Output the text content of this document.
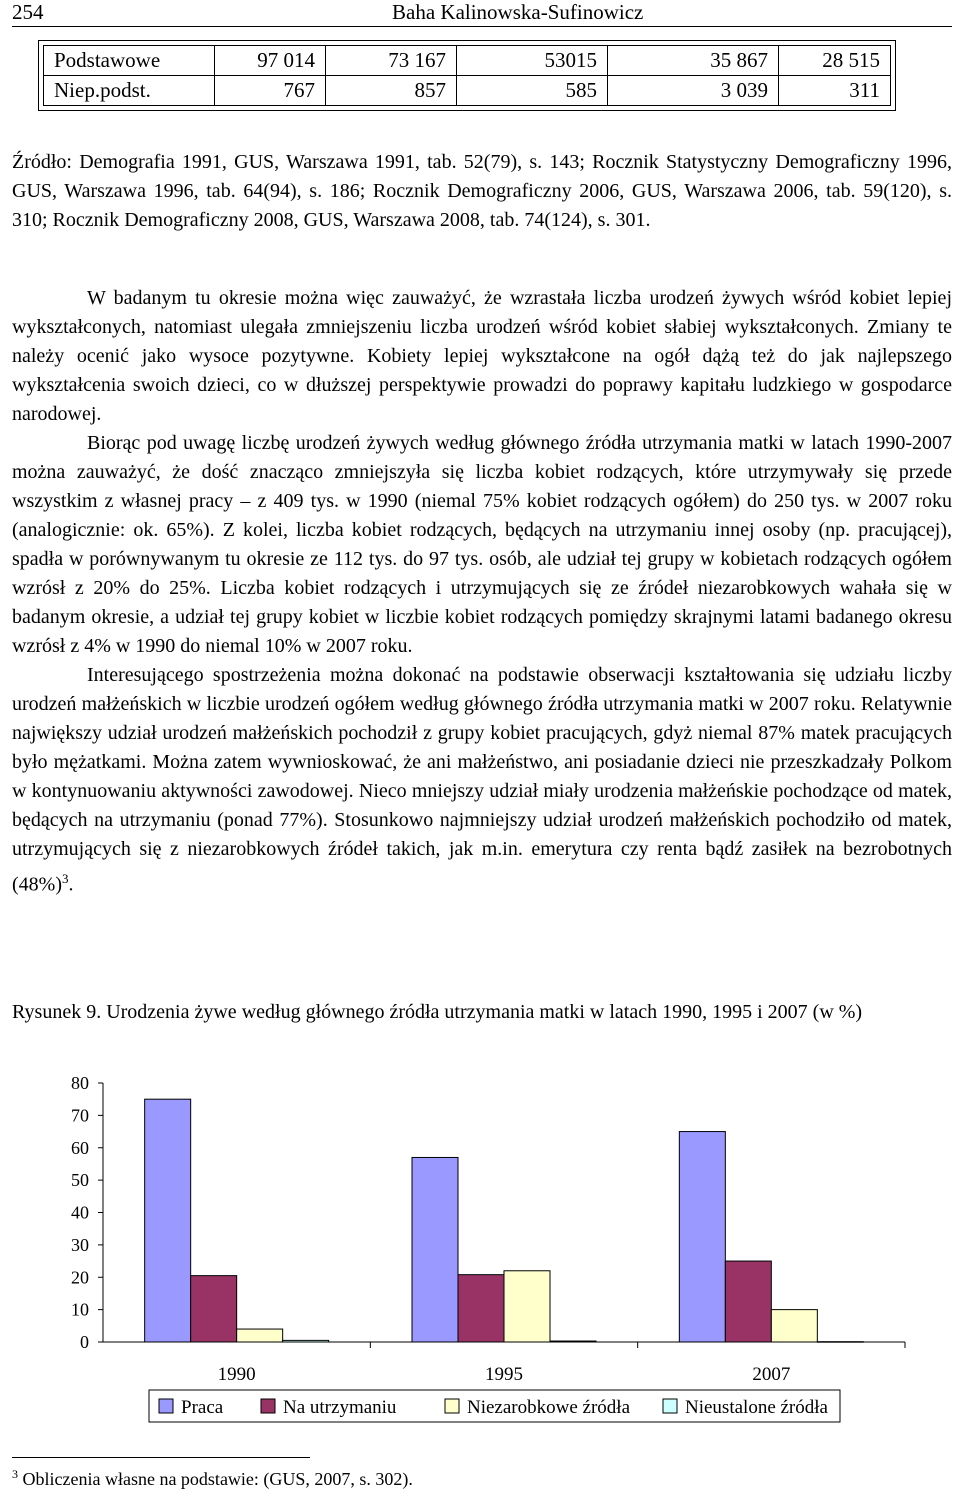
254	Baha Kalinowska-Sufinowicz
Podstawowe	97 014	73 167	53015	35 867	28 515
Niep.podst.	767	857	585	3 039	311
Źródło: Demografia 1991, GUS, Warszawa 1991, tab. 52(79), s. 143; Rocznik Statystyczny Demograficzny 1996, GUS, Warszawa 1996, tab. 64(94), s. 186; Rocznik Demograficzny 2006, GUS, Warszawa 2006, tab. 59(120), s. 310; Rocznik Demograficzny 2008, GUS, Warszawa 2008, tab. 74(124), s. 301.

W badanym tu okresie można więc zauważyć, że wzrastała liczba urodzeń żywych wśród kobiet lepiej wykształconych, natomiast ulegała zmniejszeniu liczba urodzeń wśród kobiet słabiej wykształconych. Zmiany te należy ocenić jako wysoce pozytywne. Kobiety lepiej wykształcone na ogół dążą też do jak najlepszego wykształcenia swoich dzieci, co w dłuższej perspektywie prowadzi do poprawy kapitału ludzkiego w gospodarce narodowej.

Biorąc pod uwagę liczbę urodzeń żywych według głównego źródła utrzymania matki w latach 1990-2007 można zauważyć, że dość znacząco zmniejszyła się liczba kobiet rodzących, które utrzymywały się przede wszystkim z własnej pracy – z 409 tys. w 1990 (niemal 75% kobiet rodzących ogółem) do 250 tys. w 2007 roku (analogicznie: ok. 65%). Z kolei, liczba kobiet rodzących, będących na utrzymaniu innej osoby (np. pracującej), spadła w porównywanym tu okresie ze 112 tys. do 97 tys. osób, ale udział tej grupy w kobietach rodzących ogółem wzrósł z 20% do 25%. Liczba kobiet rodzących i utrzymujących się ze źródeł niezarobkowych wahała się w badanym okresie, a udział tej grupy kobiet w liczbie kobiet rodzących pomiędzy skrajnymi latami badanego okresu wzrósł z 4% w 1990 do niemal 10% w 2007 roku.

Interesującego spostrzeżenia można dokonać na podstawie obserwacji kształtowania się udziału liczby urodzeń małżeńskich w liczbie urodzeń ogółem według głównego źródła utrzymania matki w 2007 roku. Relatywnie największy udział urodzeń małżeńskich pochodził z grupy kobiet pracujących, gdyż niemal 87% matek pracujących było mężatkami. Można zatem wywnioskować, że ani małżeństwo, ani posiadanie dzieci nie przeszkadzały Polkom w kontynuowaniu aktywności zawodowej. Nieco mniejszy udział miały urodzenia małżeńskie pochodzące od matek, będących na utrzymaniu (ponad 77%). Stosunkowo najmniejszy udział urodzeń małżeńskich pochodziło od matek, utrzymujących się z niezarobkowych źródeł takich, jak m.in. emerytura czy renta bądź zasiłek na bezrobotnych $(48\%)^3$.

Rysunek 9. Urodzenia żywe według głównego źródła utrzymania matki w latach 1990, 1995 i 2007 (w %)
0
10
20
30
40
50
60
70
80
1990	1995	2007
Praca	Na utrzymaniu	Niezarobkowe źródła	Nieustalone źródła
$^3$ Obliczenia własne na podstawie: (GUS, 2007, s. 302).
